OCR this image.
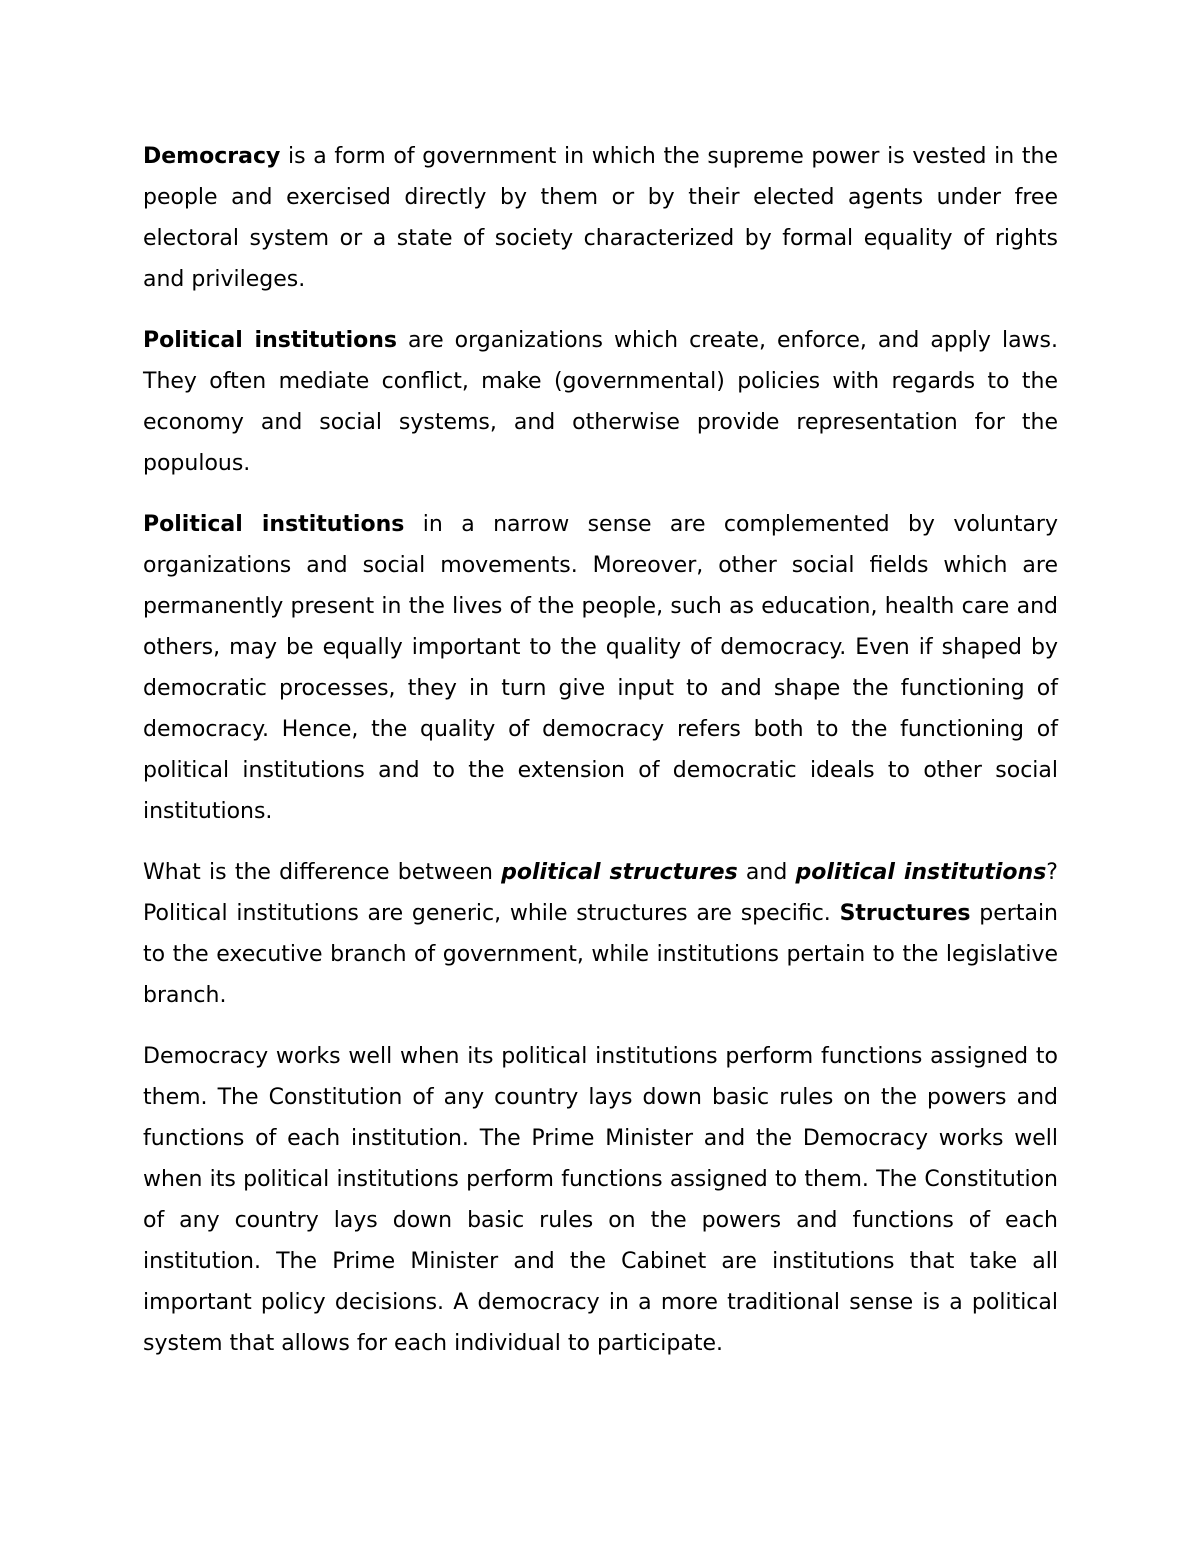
Democracy is a form of government in which the supreme power is vested in the people and exercised directly by them or by their elected agents under free electoral system or a state of society characterized by formal equality of rights and privileges.

Political institutions are organizations which create, enforce, and apply laws. They often mediate conflict, make (governmental) policies with regards to the economy and social systems, and otherwise provide representation for the populous.

Political institutions in a narrow sense are complemented by voluntary organizations and social movements. Moreover, other social fields which are permanently present in the lives of the people, such as education, health care and others, may be equally important to the quality of democracy. Even if shaped by democratic processes, they in turn give input to and shape the functioning of democracy. Hence, the quality of democracy refers both to the functioning of political institutions and to the extension of democratic ideals to other social institutions.

What is the difference between political structures and political institutions? Political institutions are generic, while structures are specific. Structures pertain to the executive branch of government, while institutions pertain to the legislative branch.

Democracy works well when its political institutions perform functions assigned to them. The Constitution of any country lays down basic rules on the powers and functions of each institution. The Prime Minister and the Democracy works well when its political institutions perform functions assigned to them. The Constitution of any country lays down basic rules on the powers and functions of each institution. The Prime Minister and the Cabinet are institutions that take all important policy decisions. A democracy in a more traditional sense is a political system that allows for each individual to participate.
